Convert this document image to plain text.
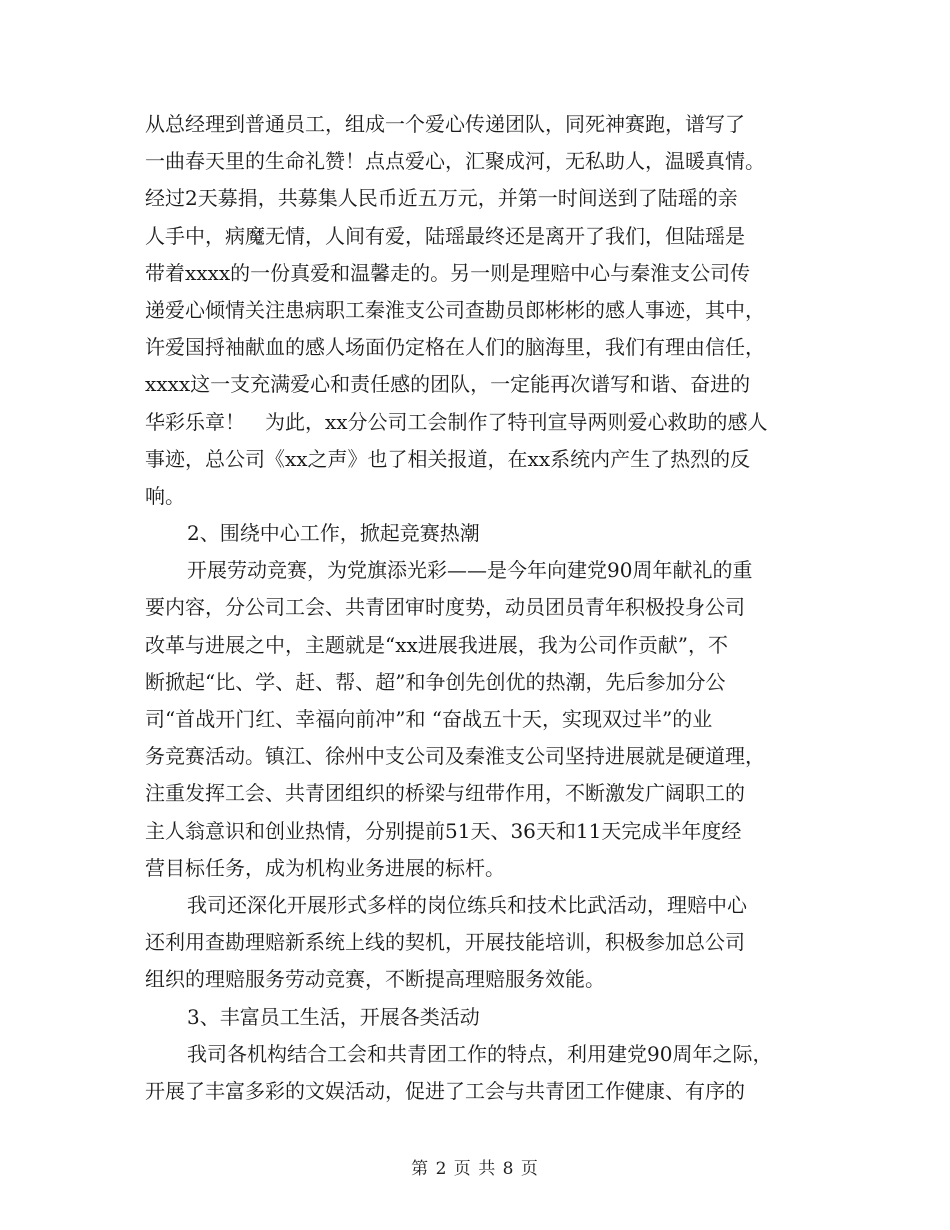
从总经理到普通员工，组成一个爱心传递团队，同死神赛跑，谱写了
一曲春天里的生命礼赞！点点爱心，汇聚成河，无私助人，温暖真情。
经过2天募捐，共募集人民币近五万元，并第一时间送到了陆瑶的亲
人手中，病魔无情，人间有爱，陆瑶最终还是离开了我们，但陆瑶是
带着xxxx的一份真爱和温馨走的。另一则是理赔中心与秦淮支公司传
递爱心倾情关注患病职工秦淮支公司查勘员郎彬彬的感人事迹，其中，
许爱国捋袖献血的感人场面仍定格在人们的脑海里，我们有理由信任，
xxxx这一支充满爱心和责任感的团队，一定能再次谱写和谐、奋进的
华彩乐章！　为此，xx分公司工会制作了特刊宣导两则爱心救助的感人
事迹，总公司《xx之声》也了相关报道，在xx系统内产生了热烈的反
响。
2、围绕中心工作，掀起竞赛热潮
开展劳动竞赛，为党旗添光彩——是今年向建党90周年献礼的重
要内容，分公司工会、共青团审时度势，动员团员青年积极投身公司
改革与进展之中，主题就是“xx进展我进展，我为公司作贡献”，不
断掀起“比、学、赶、帮、超”和争创先创优的热潮，先后参加分公
司“首战开门红、幸福向前冲”和 “奋战五十天，实现双过半”的业
务竞赛活动。镇江、徐州中支公司及秦淮支公司坚持进展就是硬道理，
注重发挥工会、共青团组织的桥梁与纽带作用，不断激发广阔职工的
主人翁意识和创业热情，分别提前51天、36天和11天完成半年度经
营目标任务，成为机构业务进展的标杆。
我司还深化开展形式多样的岗位练兵和技术比武活动，理赔中心
还利用查勘理赔新系统上线的契机，开展技能培训，积极参加总公司
组织的理赔服务劳动竞赛，不断提高理赔服务效能。
3、丰富员工生活，开展各类活动
我司各机构结合工会和共青团工作的特点，利用建党90周年之际，
开展了丰富多彩的文娱活动，促进了工会与共青团工作健康、有序的
第 2 页 共 8 页
